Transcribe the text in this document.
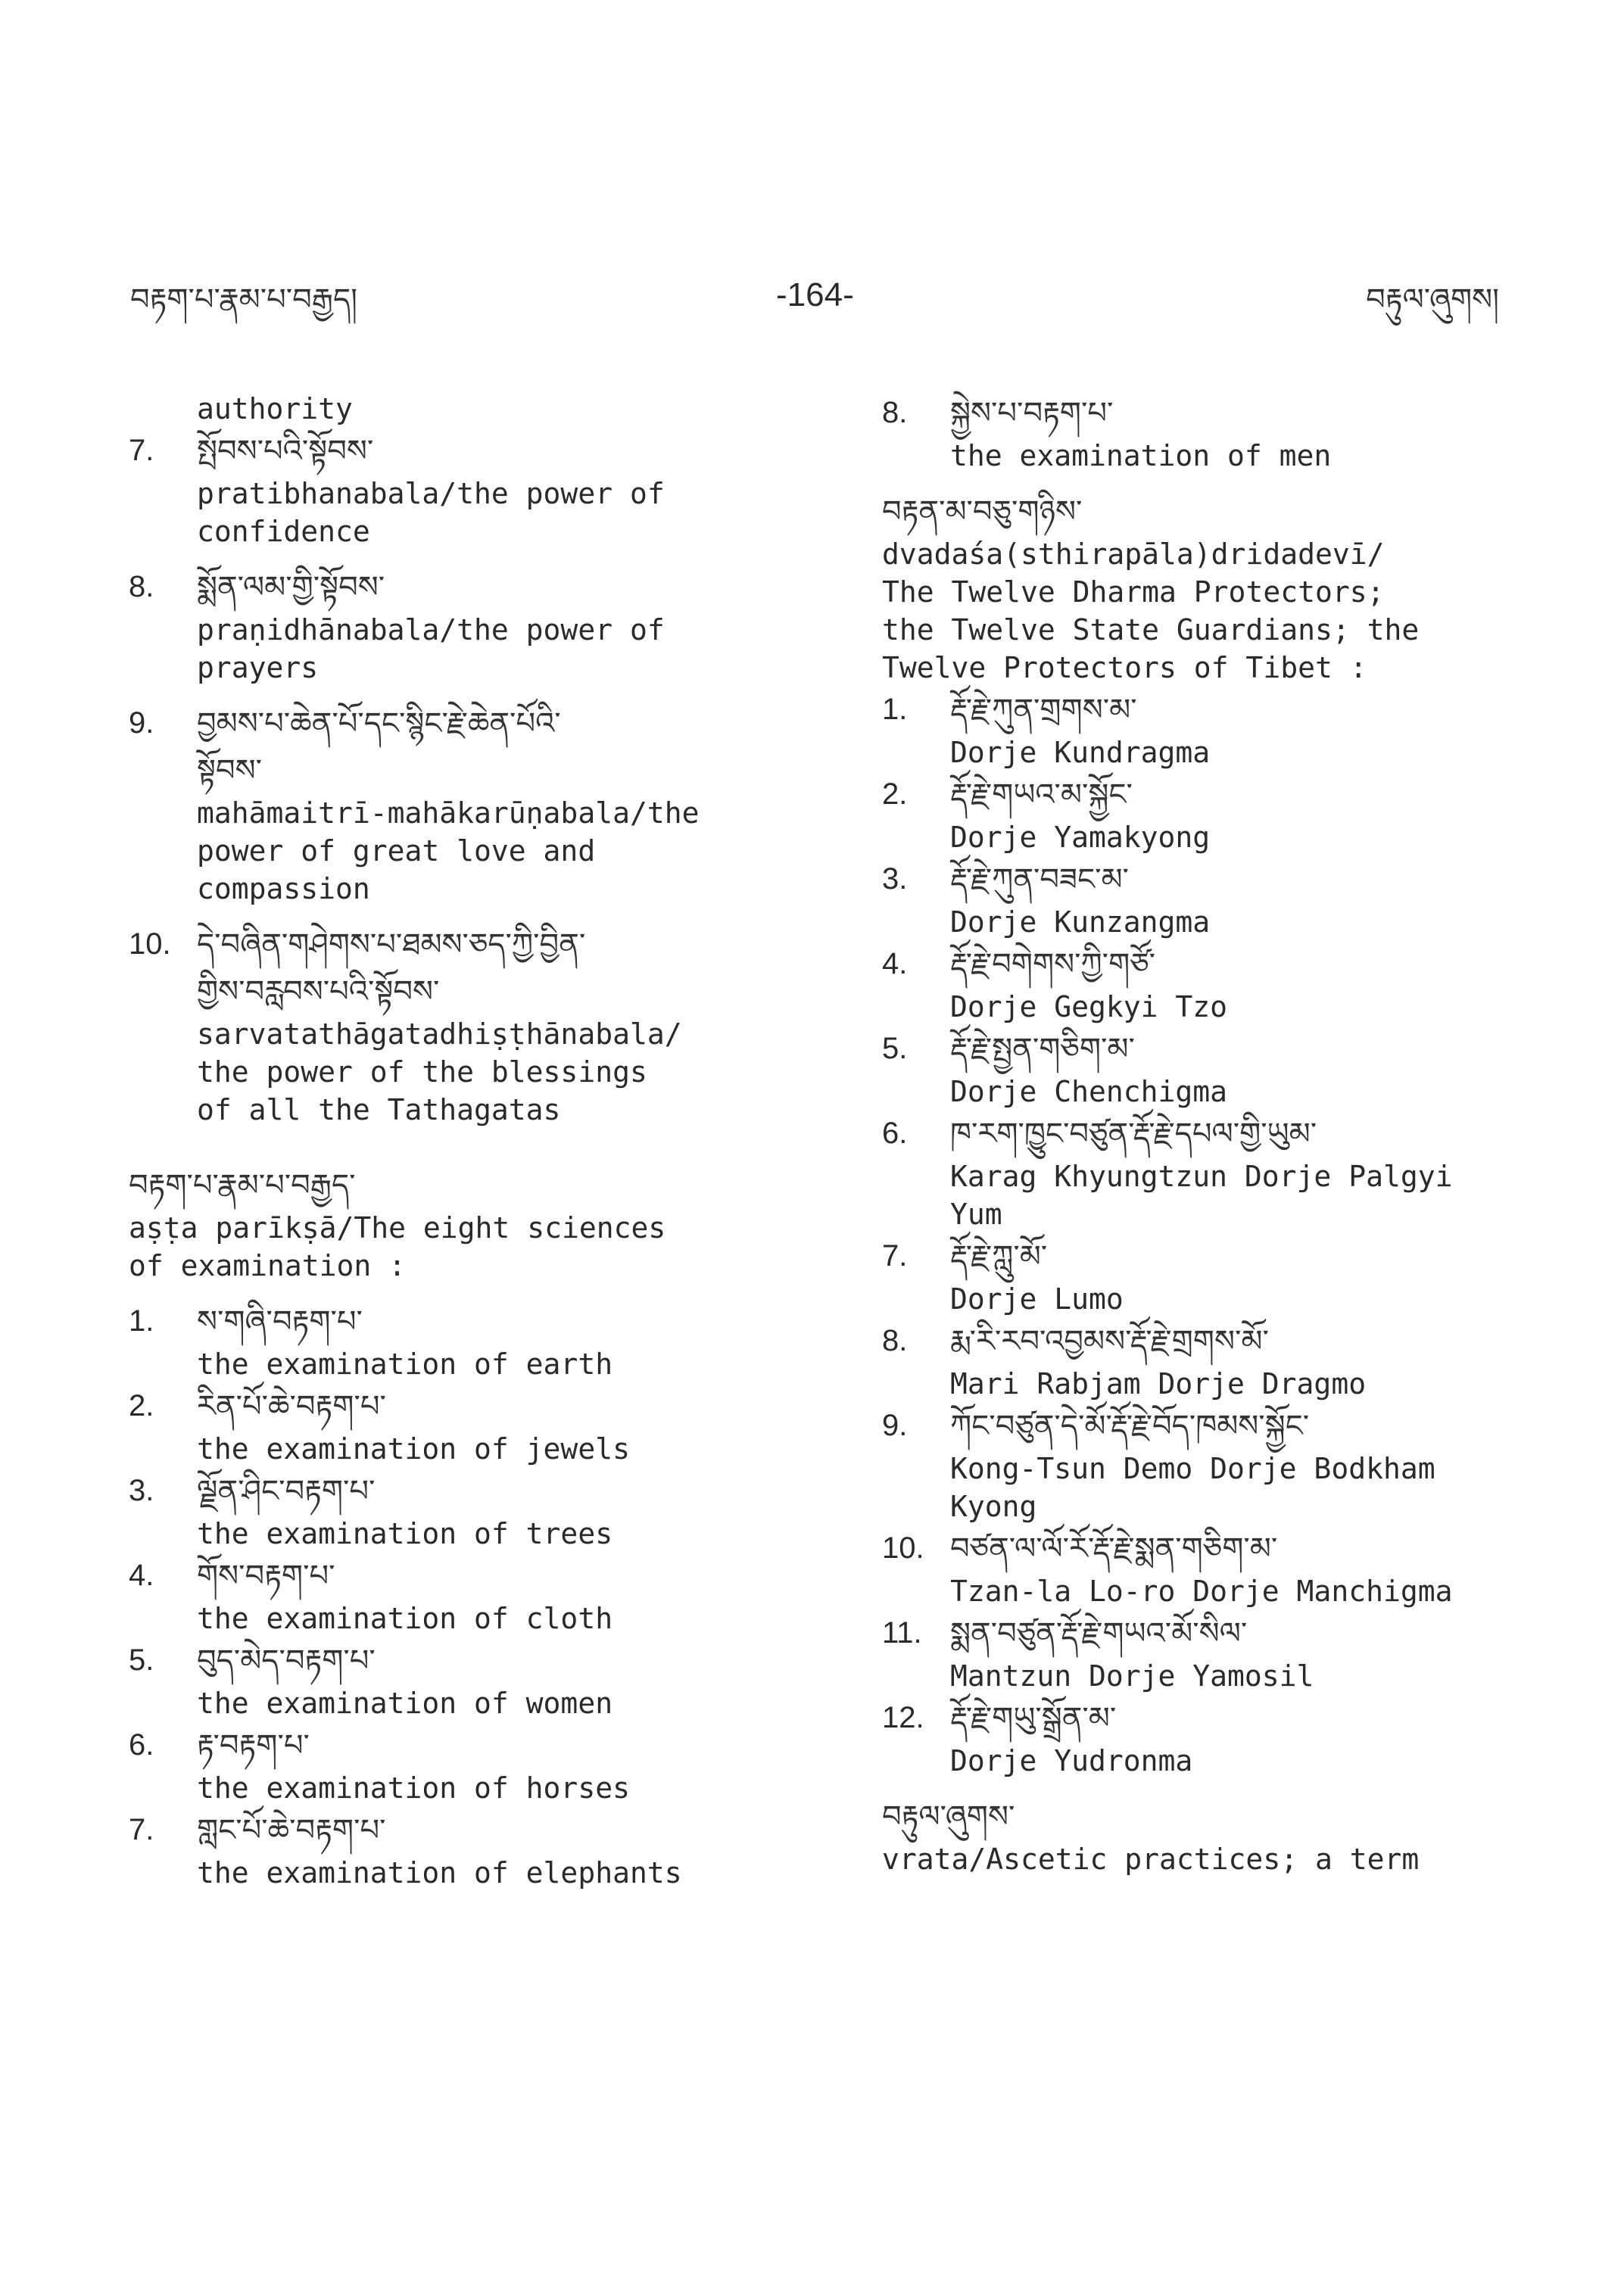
བརྟག་པ་རྣམ་པ་བརྒྱད།	-164-	བརྟུལ་ཞུགས།
authority
7. སྤོབས་པའི་སྟོབས་
pratibhanabala/the power of
confidence
8. སྨོན་ལམ་གྱི་སྟོབས་
praṇidhānabala/the power of
prayers
9. བྱམས་པ་ཆེན་པོ་དང་སྙིང་རྗེ་ཆེན་པོའི་
སྟོབས་
mahāmaitrī-mahākarūṇabala/the
power of great love and
compassion
10. དེ་བཞིན་གཤེགས་པ་ཐམས་ཅད་ཀྱི་བྱིན་
གྱིས་བརླབས་པའི་སྟོབས་
sarvatathāgatadhiṣṭhānabala/
the power of the blessings
of all the Tathagatas
བརྟག་པ་རྣམ་པ་བརྒྱད་
aṣṭa parīkṣā/The eight sciences
of examination :
1. ས་གཞི་བརྟག་པ་
the examination of earth
2. རིན་པོ་ཆེ་བརྟག་པ་
the examination of jewels
3. ལྗོན་ཤིང་བརྟག་པ་
the examination of trees
4. གོས་བརྟག་པ་
the examination of cloth
5. བུད་མེད་བརྟག་པ་
the examination of women
6. རྟ་བརྟག་པ་
the examination of horses
7. གླང་པོ་ཆེ་བརྟག་པ་
the examination of elephants
8. སྐྱེས་པ་བརྟག་པ་
the examination of men
བརྟན་མ་བཅུ་གཉིས་
dvadaśa(sthirapāla)dridadevī/
The Twelve Dharma Protectors;
the Twelve State Guardians; the
Twelve Protectors of Tibet :
1. རྡོ་རྗེ་ཀུན་གྲགས་མ་
Dorje Kundragma
2. རྡོ་རྗེ་གཡའ་མ་སྐྱོང་
Dorje Yamakyong
3. རྡོ་རྗེ་ཀུན་བཟང་མ་
Dorje Kunzangma
4. རྡོ་རྗེ་བགེགས་ཀྱི་གཙོ་
Dorje Gegkyi Tzo
5. རྡོ་རྗེ་སྤྱན་གཅིག་མ་
Dorje Chenchigma
6. ཁ་རག་ཁྱུང་བཙུན་རྡོ་རྗེ་དཔལ་གྱི་ཡུམ་
Karag Khyungtzun Dorje Palgyi
Yum
7. རྡོ་རྗེ་ཀླུ་མོ་
Dorje Lumo
8. རྨ་རི་རབ་འབྱམས་རྡོ་རྗེ་གྲགས་མོ་
Mari Rabjam Dorje Dragmo
9. ཀོང་བཙུན་དེ་མོ་རྡོ་རྗེ་བོད་ཁམས་སྐྱོང་
Kong-Tsun Demo Dorje Bodkham
Kyong
10. བཙན་ལ་ལོ་རོ་རྡོ་རྗེ་སྨན་གཅིག་མ་
Tzan-la Lo-ro Dorje Manchigma
11. སྨན་བཙུན་རྡོ་རྗེ་གཡའ་མོ་སིལ་
Mantzun Dorje Yamosil
12. རྡོ་རྗེ་གཡུ་སྒྲོན་མ་
Dorje Yudronma
བརྟུལ་ཞུགས་
vrata/Ascetic practices; a term
